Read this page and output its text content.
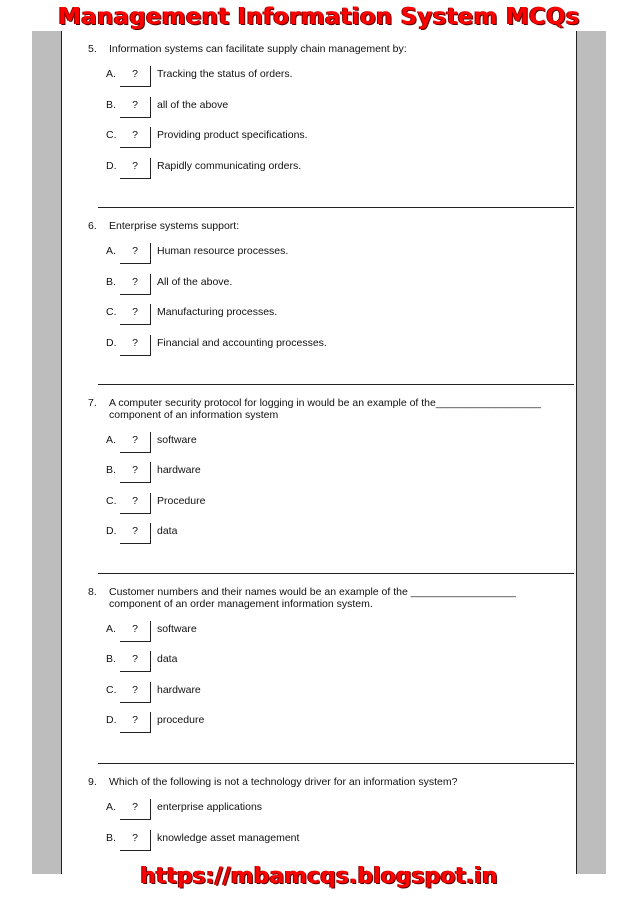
Management Information System MCQs
5.	Information systems can facilitate supply chain management by:
A.	?	Tracking the status of orders.
B.	?	all of the above
C.	?	Providing product specifications.
D.	?	Rapidly communicating orders.
6.	Enterprise systems support:
A.	?	Human resource processes.
B.	?	All of the above.
C.	?	Manufacturing processes.
D.	?	Financial and accounting processes.
7.	A computer security protocol for logging in would be an example of the__________________
component of an information system
A.	?	software
B.	?	hardware
C.	?	Procedure
D.	?	data
8.	Customer numbers and their names would be an example of the __________________
component of an order management information system.
A.	?	software
B.	?	data
C.	?	hardware
D.	?	procedure
9.	Which of the following is not a technology driver for an information system?
A.	?	enterprise applications
B.	?	knowledge asset management
https://mbamcqs.blogspot.in
